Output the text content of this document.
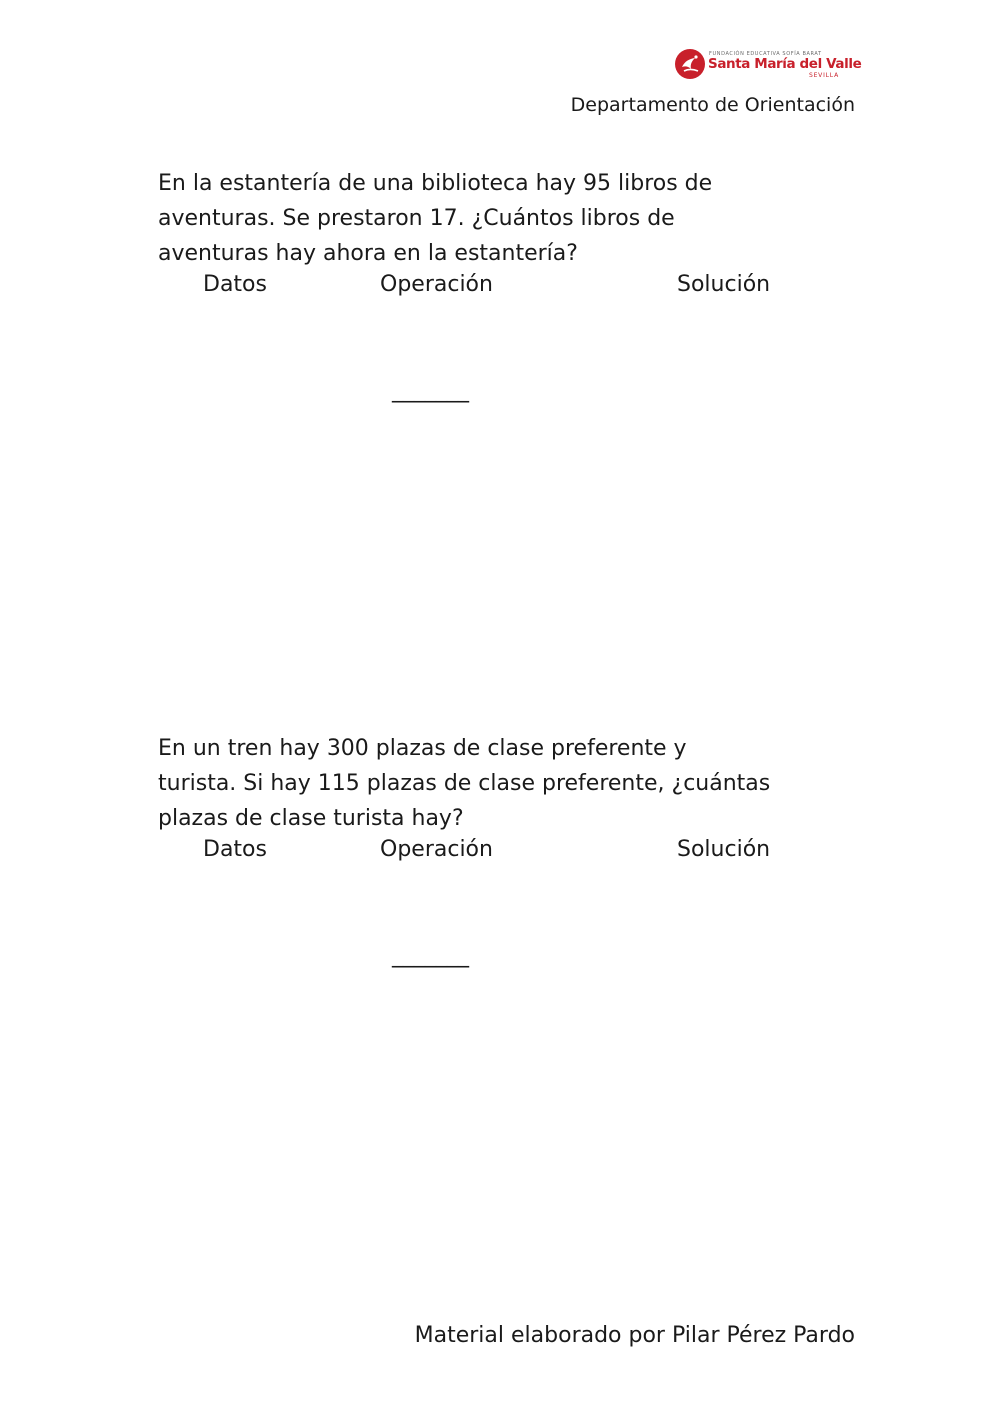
FUNDACIÓN EDUCATIVA SOFÍA BARAT
Santa María del Valle
SEVILLA
Departamento de Orientación

En la estantería de una biblioteca hay 95 libros de

aventuras. Se prestaron 17. ¿Cuántos libros de

aventuras hay ahora en la estantería?

Datos	Operación	Solución
_______

En un tren hay 300 plazas de clase preferente y

turista. Si hay 115 plazas de clase preferente, ¿cuántas

plazas de clase turista hay?

Datos	Operación	Solución
_______
Material elaborado por Pilar Pérez Pardo
